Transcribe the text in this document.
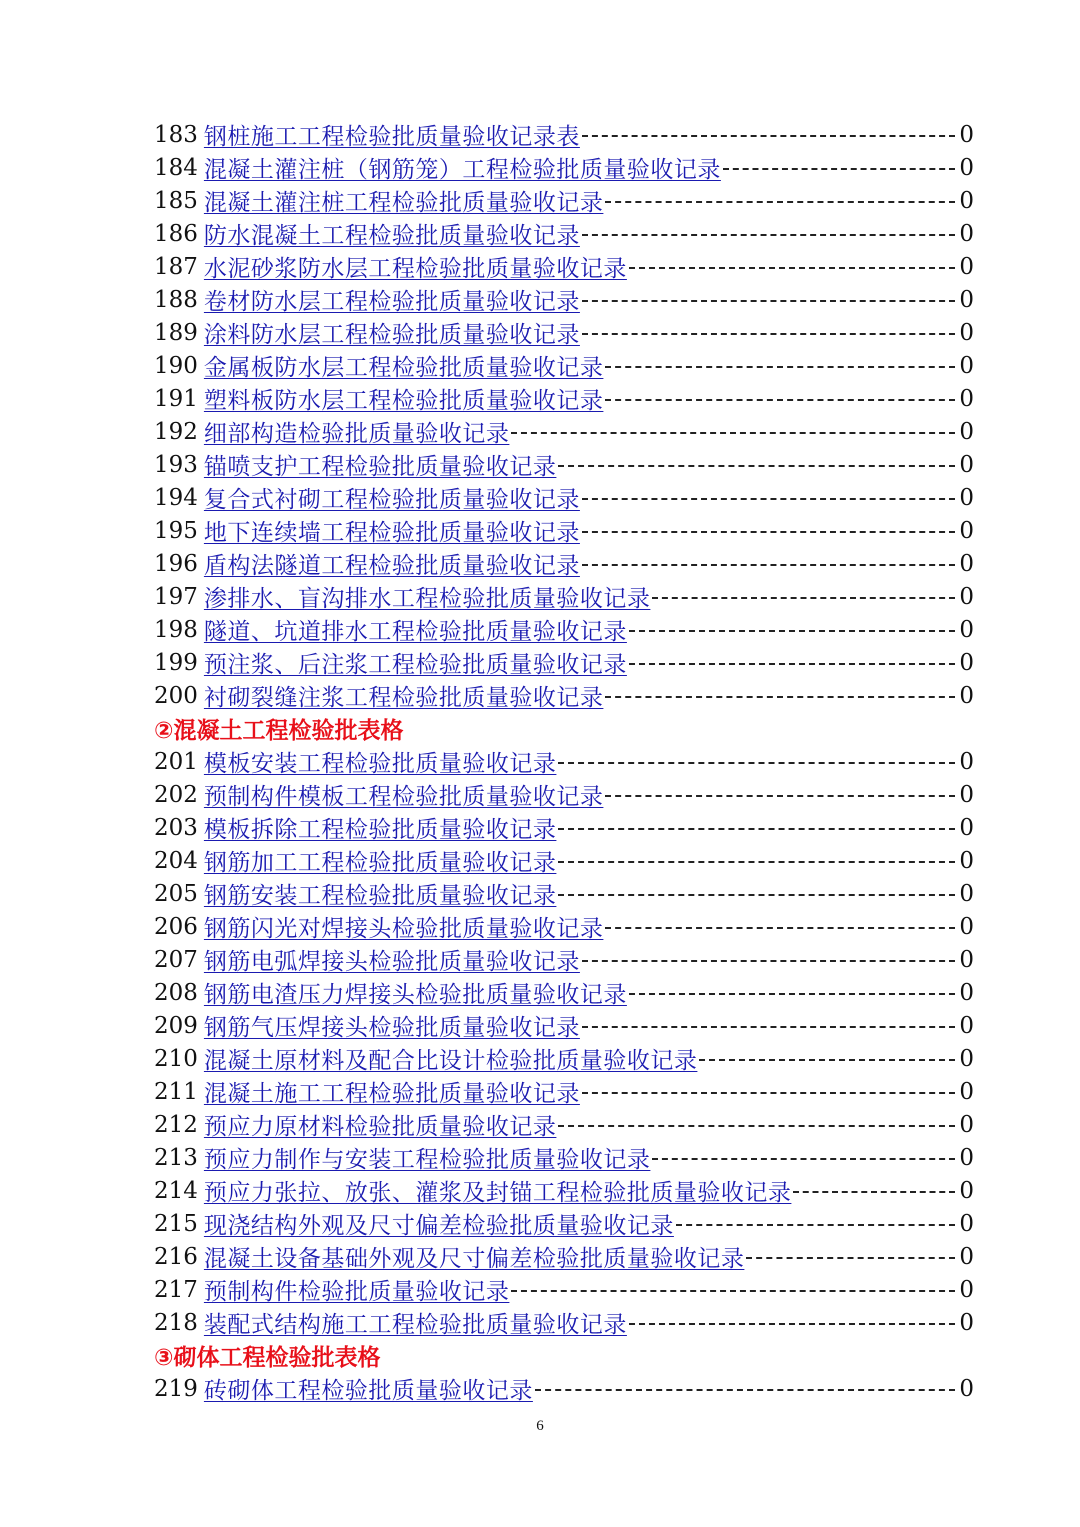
183 钢桩施工工程检验批质量验收记录表	0
184 混凝土灌注桩（钢筋笼）工程检验批质量验收记录	0
185 混凝土灌注桩工程检验批质量验收记录	0
186 防水混凝土工程检验批质量验收记录	0
187 水泥砂浆防水层工程检验批质量验收记录	0
188 卷材防水层工程检验批质量验收记录	0
189 涂料防水层工程检验批质量验收记录	0
190 金属板防水层工程检验批质量验收记录	0
191 塑料板防水层工程检验批质量验收记录	0
192 细部构造检验批质量验收记录	0
193 锚喷支护工程检验批质量验收记录	0
194 复合式衬砌工程检验批质量验收记录	0
195 地下连续墙工程检验批质量验收记录	0
196 盾构法隧道工程检验批质量验收记录	0
197 渗排水、盲沟排水工程检验批质量验收记录	0
198 隧道、坑道排水工程检验批质量验收记录	0
199 预注浆、后注浆工程检验批质量验收记录	0
200 衬砌裂缝注浆工程检验批质量验收记录	0
②混凝土工程检验批表格
201 模板安装工程检验批质量验收记录	0
202 预制构件模板工程检验批质量验收记录	0
203 模板拆除工程检验批质量验收记录	0
204 钢筋加工工程检验批质量验收记录	0
205 钢筋安装工程检验批质量验收记录	0
206 钢筋闪光对焊接头检验批质量验收记录	0
207 钢筋电弧焊接头检验批质量验收记录	0
208 钢筋电渣压力焊接头检验批质量验收记录	0
209 钢筋气压焊接头检验批质量验收记录	0
210 混凝土原材料及配合比设计检验批质量验收记录	0
211 混凝土施工工程检验批质量验收记录	0
212 预应力原材料检验批质量验收记录	0
213 预应力制作与安装工程检验批质量验收记录	0
214 预应力张拉、放张、灌浆及封锚工程检验批质量验收记录	0
215 现浇结构外观及尺寸偏差检验批质量验收记录	0
216 混凝土设备基础外观及尺寸偏差检验批质量验收记录	0
217 预制构件检验批质量验收记录	0
218 装配式结构施工工程检验批质量验收记录	0
③砌体工程检验批表格
219 砖砌体工程检验批质量验收记录	0
6
